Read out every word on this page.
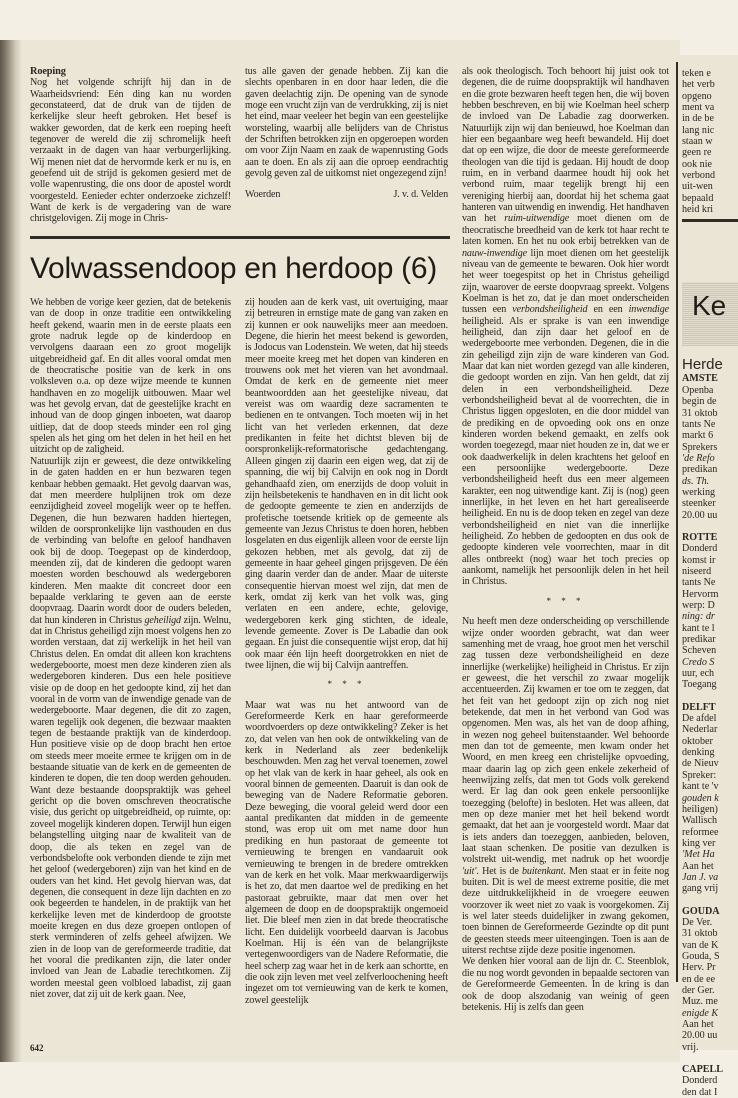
Roeping

Nog het volgende schrijft hij dan in de Waarheidsvriend: Eén ding kan nu worden geconstateerd, dat de druk van de tijden de kerkelijke sleur heeft gebroken. Het besef is wakker geworden, dat de kerk een roeping heeft tegenover de wereld die zij schromelijk heeft verzaakt in de dagen van haar verburgerlijking. Wij menen niet dat de hervormde kerk er nu is, en geoefend uit de strijd is gekomen gesierd met de volle wapenrusting, die ons door de apostel wordt voorgesteld. Eenieder echter onderzoeke zichzelf! Want de kerk is de vergadering van de ware christgelovigen. Zij moge in Chris-

tus alle gaven der genade hebben. Zij kan die slechts openbaren in en door haar leden, die die gaven deelachtig zijn. De opening van de synode moge een vrucht zijn van de verdrukking, zij is niet het eind, maar veeleer het begin van een geestelijke worsteling, waarbij alle belijders van de Christus der Schriften betrokken zijn en opgeroepen worden om voor Zijn Naam en zaak de wapenrusting Gods aan te doen. En als zij aan die oproep eendrachtig gevolg geven zal de uitkomst niet ongezegend zijn!

Woerden	J. v. d. Velden
Volwassendoop en herdoop (6)

We hebben de vorige keer gezien, dat de betekenis van de doop in onze traditie een ontwikkeling heeft gekend, waarin men in de eerste plaats een grote nadruk legde op de kinderdoop en vervolgens daaraan een zo groot mogelijk uitgebreidheid gaf. En dit alles vooral omdat men de theocratische positie van de kerk in ons volksleven o.a. op deze wijze meende te kunnen handhaven en zo mogelijk uitbouwen. Maar wel was het gevolg ervan, dat de geestelijke kracht en inhoud van de doop gingen inboeten, wat daarop uitliep, dat de doop steeds minder een rol ging spelen als het ging om het delen in het heil en het uitzicht op de zaligheid.

Natuurlijk zijn er geweest, die deze ontwikkeling in de gaten hadden en er hun bezwaren tegen kenbaar hebben gemaakt. Het gevolg daarvan was, dat men meerdere hulplijnen trok om deze eenzijdigheid zoveel mogelijk weer op te heffen. Degenen, die hun bezwaren hadden hiertegen, wilden de oorspronkelijke lijn vasthouden en dus de verbinding van belofte en geloof handhaven ook bij de doop. Toegepast op de kinderdoop, meenden zij, dat de kinderen die gedoopt waren moesten worden beschouwd als wedergeboren kinderen. Men maakte dit concreet door een bepaalde verklaring te geven aan de eerste doopvraag. Daarin wordt door de ouders beleden, dat hun kinderen in Christus geheiligd zijn. Welnu, dat in Christus geheiligd zijn moest volgens hen zo worden verstaan, dat zij werkelijk in het heil van Christus delen. En omdat dit alleen kon krachtens wedergeboorte, moest men deze kinderen zien als wedergeboren kinderen. Dus een hele positieve visie op de doop en het gedoopte kind, zij het dan vooral in de vorm van de inwendige genade van de wedergeboorte. Maar degenen, die dit zo zagen, waren tegelijk ook degenen, die bezwaar maakten tegen de bestaande praktijk van de kinderdoop. Hun positieve visie op de doop bracht hen ertoe om steeds meer moeite ermee te krijgen om in de bestaande situatie van de kerk en de gemeenten de kinderen te dopen, die ten doop werden gehouden. Want deze bestaande doopspraktijk was geheel gericht op die boven omschreven theocratische visie, dus gericht op uitgebreidheid, op ruimte, op: zoveel mogelijk kinderen dopen. Terwijl hun eigen belangstelling uitging naar de kwaliteit van de doop, die als teken en zegel van de verbondsbelofte ook verbonden diende te zijn met het geloof (wedergeboren) zijn van het kind en de ouders van het kind. Het gevolg hiervan was, dat degenen, die consequent in deze lijn dachten en zo ook begeerden te handelen, in de praktijk van het kerkelijke leven met de kinderdoop de grootste moeite kregen en dus deze groepen ontlopen of sterk verminderen of zelfs geheel afwijzen. We zien in de loop van de gereformeerde traditie, dat het vooral die predikanten zijn, die later onder invloed van Jean de Labadie terechtkomen. Zij worden meestal geen volbloed labadist, zij gaan niet zover, dat zij uit de kerk gaan. Nee,

zij houden aan de kerk vast, uit overtuiging, maar zij betreuren in ernstige mate de gang van zaken en zij kunnen er ook nauwelijks meer aan meedoen. Degene, die hierin het meest bekend is geworden, is Jodocus van Lodenstein. We weten, dat hij steeds meer moeite kreeg met het dopen van kinderen en trouwens ook met het vieren van het avondmaal. Omdat de kerk en de gemeente niet meer beantwoordden aan het geestelijke niveau, dat vereist was om waardig deze sacramenten te bedienen en te ontvangen. Toch moeten wij in het licht van het verleden erkennen, dat deze predikanten in feite het dichtst bleven bij de oorspronkelijk-reformatorische gedachtengang. Alleen gingen zij daarin een eigen weg, dat zij de spanning, die wij bij Calvijn en ook nog in Dordt gehandhaafd zien, om enerzijds de doop voluit in zijn heilsbetekenis te handhaven en in dit licht ook de gedoopte gemeente te zien en anderzijds de profetische toetsende kritiek op de gemeente als gemeente van Jezus Christus te doen horen, hebben losgelaten en dus eigenlijk alleen voor de eerste lijn gekozen hebben, met als gevolg, dat zij de gemeente in haar geheel gingen prijsgeven. De één ging daarin verder dan de ander. Maar de uiterste consequentie hiervan moest wel zijn, dat men de kerk, omdat zij kerk van het volk was, ging verlaten en een andere, echte, gelovige, wedergeboren kerk ging stichten, de ideale, levende gemeente. Zover is De Labadie dan ook gegaan. En juist die consequentie wijst erop, dat hij ook maar één lijn heeft doorgetrokken en niet de twee lijnen, die wij bij Calvijn aantreffen.

* * *

Maar wat was nu het antwoord van de Gereformeerde Kerk en haar gereformeerde woordvoerders op deze ontwikkeling? Zeker is het zo, dat velen van hen ook de ontwikkeling van de kerk in Nederland als zeer bedenkelijk beschouwden. Men zag het verval toenemen, zowel op het vlak van de kerk in haar geheel, als ook en vooral binnen de gemeenten. Daaruit is dan ook de beweging van de Nadere Reformatie geboren. Deze beweging, die vooral geleid werd door een aantal predikanten dat midden in de gemeente stond, was erop uit om met name door hun prediking en hun pastoraat de gemeente tot vernieuwing te brengen en vandaaruit ook vernieuwing te brengen in de bredere omtrekken van de kerk en het volk. Maar merkwaardigerwijs is het zo, dat men daartoe wel de prediking en het pastoraat gebruikte, maar dat men over het algemeen de doop en de doopspraktijk ongemoeid liet. Die bleef men zien in dat brede theocratische licht. Een duidelijk voorbeeld daarvan is Jacobus Koelman. Hij is één van de belangrijkste vertegenwoordigers van de Nadere Reformatie, die heel scherp zag waar het in de kerk aan schortte, en die ook zijn leven met veel zelfverloochening heeft ingezet om tot vernieuwing van de kerk te komen, zowel geestelijk

als ook theologisch. Toch behoort hij juist ook tot degenen, die de ruime doopspraktijk wil handhaven en die grote bezwaren heeft tegen hen, die wij boven hebben beschreven, en bij wie Koelman heel scherp de invloed van De Labadie zag doorwerken. Natuurlijk zijn wij dan benieuwd, hoe Koelman dan hier een begaanbare weg heeft bewandeld. Hij doet dat op een wijze, die door de meeste gereformeerde theologen van die tijd is gedaan. Hij houdt de doop ruim, en in verband daarmee houdt hij ook het verbond ruim, maar tegelijk brengt hij een vereniging hierbij aan, doordat hij het schema gaat hanteren van uitwendig en inwendig. Het handhaven van het ruim-uitwendige moet dienen om de theocratische breedheid van de kerk tot haar recht te laten komen. En het nu ook erbij betrekken van de nauw-inwendige lijn moet dienen om het geestelijk niveau van de gemeente te bewaren. Ook hier wordt het weer toegespitst op het in Christus geheiligd zijn, waarover de eerste doopvraag spreekt. Volgens Koelman is het zo, dat je dan moet onderscheiden tussen een verbondsheiligheid en een inwendige heiligheid. Als er sprake is van een inwendige heiligheid, dan zijn daar het geloof en de wedergeboorte mee verbonden. Degenen, die in die zin geheiligd zijn zijn de ware kinderen van God. Maar dat kan niet worden gezegd van alle kinderen, die gedoopt worden en zijn. Van hen geldt, dat zij delen in een verbondsheiligheid. Deze verbondsheiligheid bevat al de voorrechten, die in Christus liggen opgesloten, en die door middel van de prediking en de opvoeding ook ons en onze kinderen worden bekend gemaakt, en zelfs ook worden toegezegd, maar niet houden ze in, dat we er ook daadwerkelijk in delen krachtens het geloof en een persoonlijke wedergeboorte. Deze verbondsheiligheid heeft dus een meer algemeen karakter, een nog uitwendige kant. Zij is (nog) geen innerlijke, in het leven en het hart gerealiseerde heiligheid. En nu is de doop teken en zegel van deze verbondsheiligheid en niet van die innerlijke heiligheid. Zo hebben de gedoopten en dus ook de gedoopte kinderen vele voorrechten, maar in dit alles ontbreekt (nog) waar het toch precies op aankomt, namelijk het persoonlijk delen in het heil in Christus.

* * *

Nu heeft men deze onderscheiding op verschillende wijze onder woorden gebracht, wat dan weer samenhing met de vraag, hoe groot men het verschil zag tussen deze verbondsheiligheid en deze innerlijke (werkelijke) heiligheid in Christus. Er zijn er geweest, die het verschil zo zwaar mogelijk accentueerden. Zij kwamen er toe om te zeggen, dat het feit van het gedoopt zijn op zich nog niet betekende, dat men in het verbond van God was opgenomen. Men was, als het van de doop afhing, in wezen nog geheel buitenstaander. Wel behoorde men dan tot de gemeente, men kwam onder het Woord, en men kreeg een christelijke opvoeding, maar daarin lag op zich geen enkele zekerheid of heenwijzing zelfs, dat men tot Gods volk gerekend werd. Er lag dan ook geen enkele persoonlijke toezegging (belofte) in besloten. Het was alleen, dat men op deze manier met het heil bekend wordt gemaakt, dat het aan je voorgesteld wordt. Maar dat is iets anders dan toezeggen, aanbieden, beloven, laat staan schenken. De positie van dezulken is volstrekt uit-wendig, met nadruk op het woordje 'uit'. Het is de buitenkant. Men staat er in feite nog buiten. Dit is wel de meest extreme positie, die met deze uitdrukkelijkheid in de vroegere eeuwen voorzover ik weet niet zo vaak is voorgekomen. Zij is wel later steeds duidelijker in zwang gekomen, toen binnen de Gereformeerde Gezindte op dit punt de geesten steeds meer uiteengingen. Toen is aan de uiterst rechtse zijde deze positie ingenomen.

We denken hier vooral aan de lijn dr. C. Steenblok, die nu nog wordt gevonden in bepaalde sectoren van de Gereformeerde Gemeenten. In de kring is dan ook de doop alszodanig van weinig of geen betekenis. Hij is zelfs dan geen

teken e
het verb
opgeno
ment va
in de be
lang nic
staan w
geen re
ook nie
verbond
uit-wen
bepaald
heid kri
Ke
Herde
AMSTE
Openba
begin de
31 oktob
tants Ne
markt 6
Sprekers
'de Refo
predikan
ds. Th.
werking
steenker
20.00 uu
ROTTE
Donderd
komst ir
niseerd
tants Ne
Hervorm
werp: D
ning: dr
kant te l
predikar
Scheven
Credo S
uur, ech
Toegang
DELFT
De afdel
Nederlar
oktober
denking
de Nieuv
Spreker:
kant te 'v
gouden k
heiligen)
Wallisch
reformee
king ver
'Met Ha
Aan het
Jan J. va
gang vrij
GOUDA
De Ver.
31 oktob
van de K
Gouda, S
Herv. Pr
en de ee
der Ger.
Muz. me
enigde K
Aan het
20.00 uu
vrij.
CAPELL
Donderd
den dat I
642
